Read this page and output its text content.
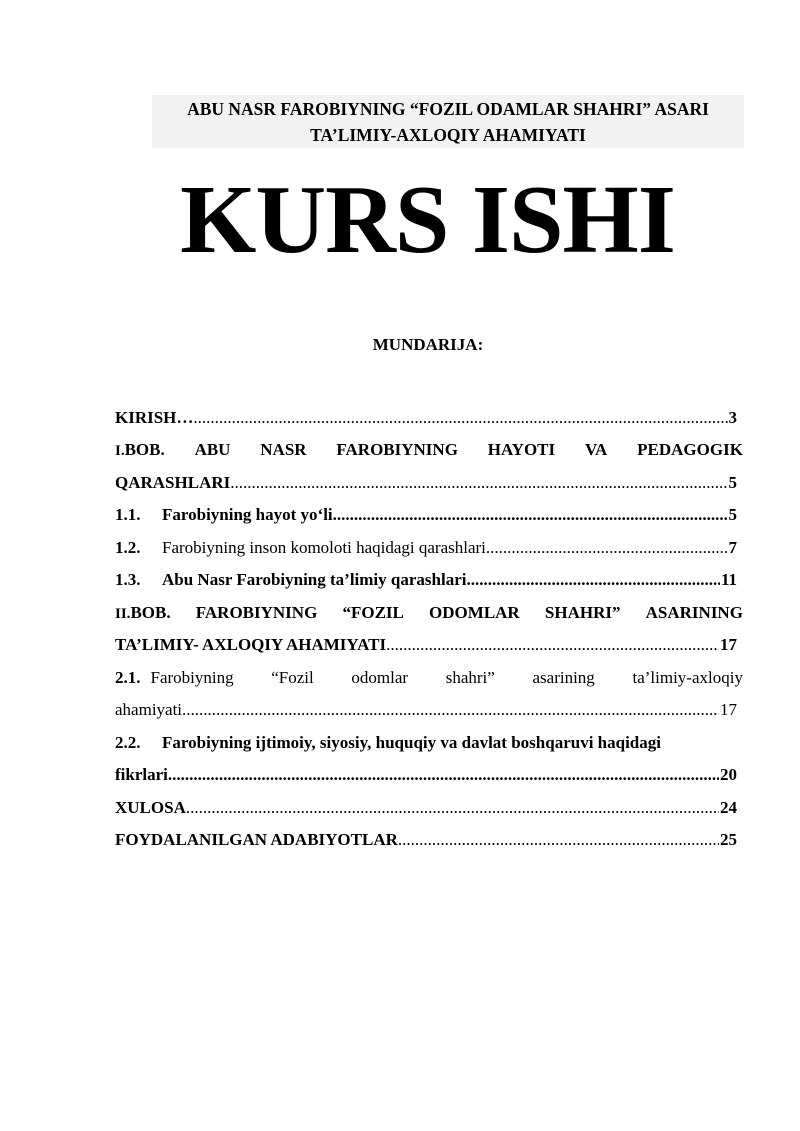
ABU NASR FAROBIYNING “FOZIL ODAMLAR SHAHRI” ASARI
TA’LIMIY-AXLOQIY AHAMIYATI
KURS ISHI
MUNDARIJA:
KIRISH… .....	3
I.BOB. ABU NASR FAROBIYNING HAYOTI VA PEDAGOGIK
QARASHLARI .....	5
1.1.	Farobiyning hayot yo‘li .....	5
1.2.	Farobiyning inson komoloti haqidagi qarashlari .....	7
1.3.	Abu Nasr Farobiyning ta’limiy qarashlari .....	11
II.BOB. FAROBIYNING “FOZIL ODOMLAR SHAHRI” ASARINING
TA’LIMIY- AXLOQIY AHAMIYATI .....	17
2.1. Farobiyning “Fozil odomlar shahri” asarining ta’limiy-axloqiy
ahamiyati .....	17
2.2.	Farobiyning ijtimoiy, siyosiy, huquqiy va davlat boshqaruvi haqidagi
fikrlari .....	20
XULOSA .....	24
FOYDALANILGAN ADABIYOTLAR .....	25
